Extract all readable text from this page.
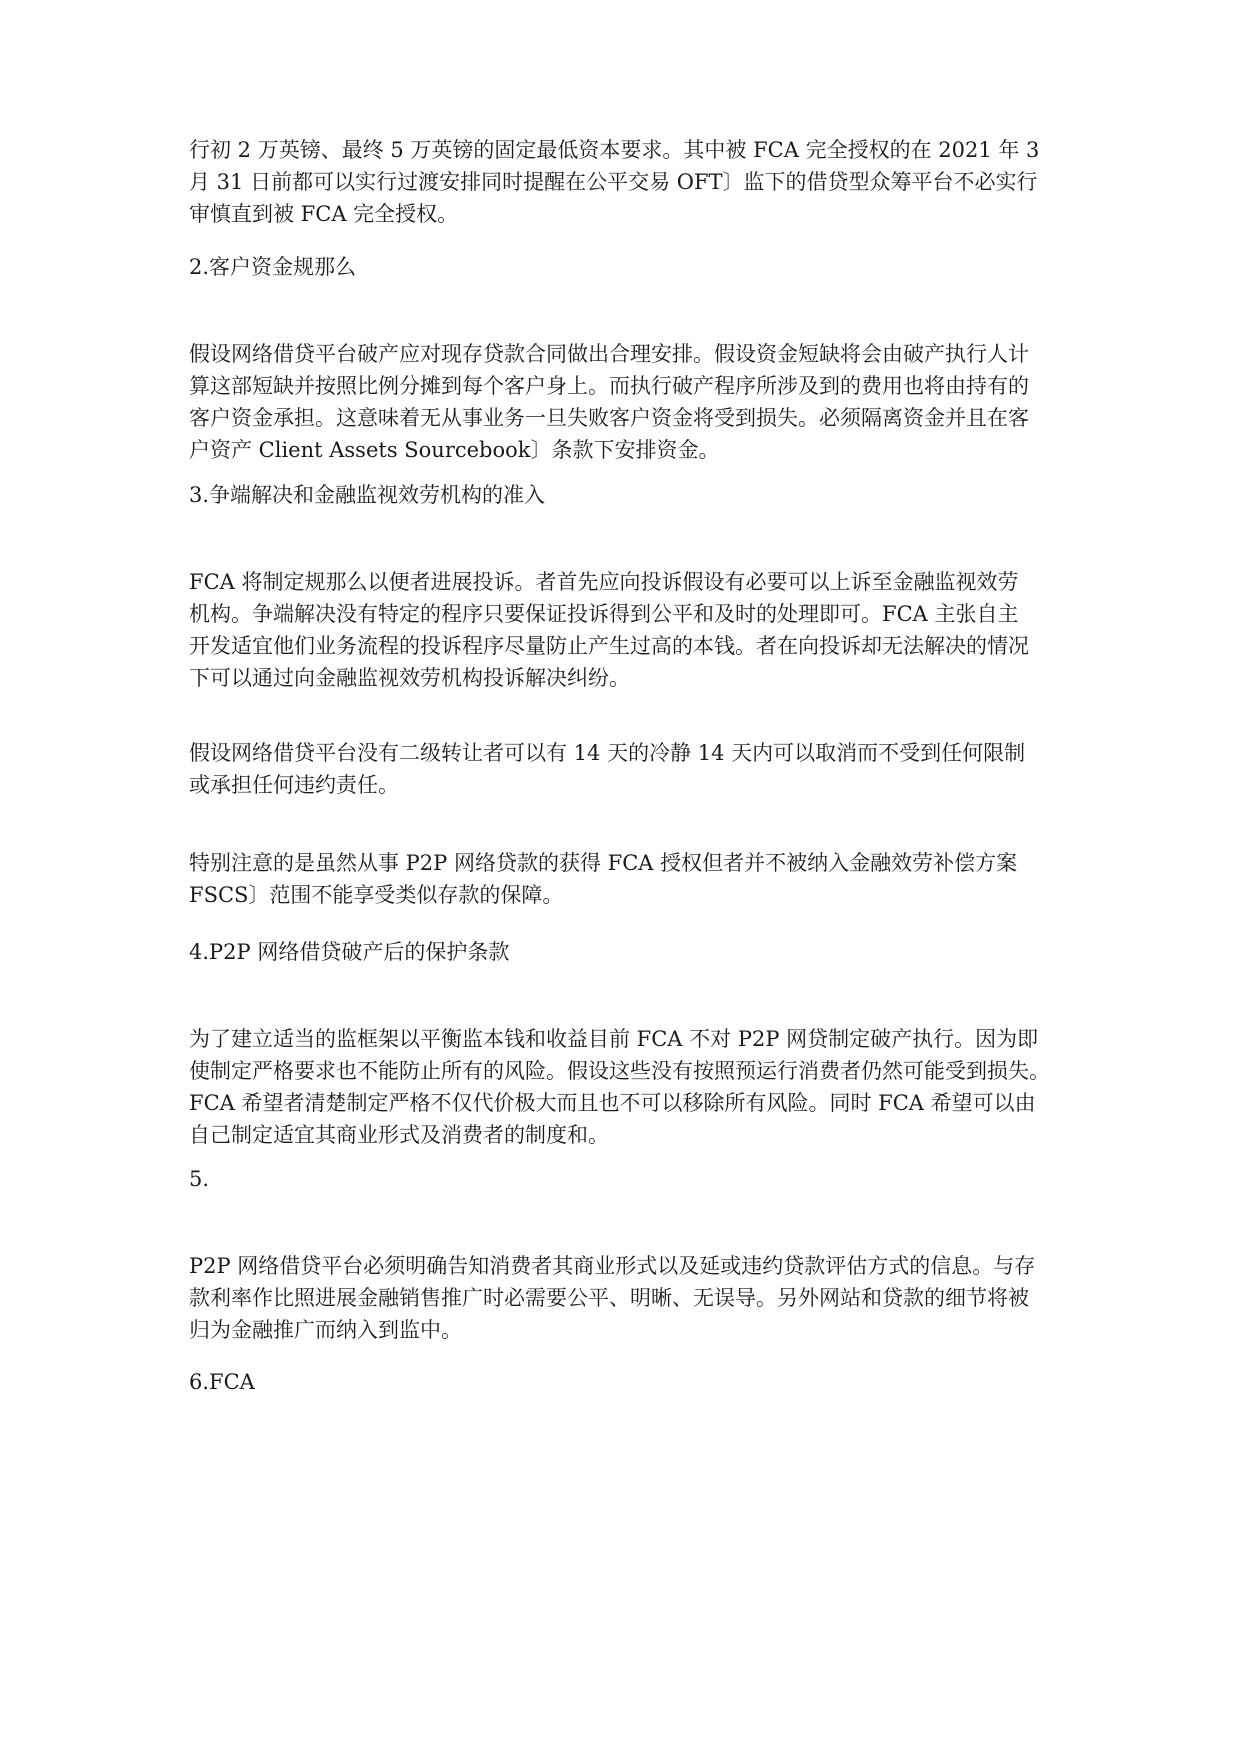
行初 2 万英镑、最终 5 万英镑的固定最低资本要求。其中被 FCA 完全授权的在 2021 年 3
月 31 日前都可以实行过渡安排同时提醒在公平交易 OFT〕监下的借贷型众筹平台不必实行
审慎直到被 FCA 完全授权。
2.客户资金规那么
假设网络借贷平台破产应对现存贷款合同做出合理安排。假设资金短缺将会由破产执行人计
算这部短缺并按照比例分摊到每个客户身上。而执行破产程序所涉及到的费用也将由持有的
客户资金承担。这意味着无从事业务一旦失败客户资金将受到损失。必须隔离资金并且在客
户资产 Client Assets Sourcebook〕条款下安排资金。
3.争端解决和金融监视效劳机构的准入
FCA 将制定规那么以便者进展投诉。者首先应向投诉假设有必要可以上诉至金融监视效劳
机构。争端解决没有特定的程序只要保证投诉得到公平和及时的处理即可。FCA 主张自主
开发适宜他们业务流程的投诉程序尽量防止产生过高的本钱。者在向投诉却无法解决的情况
下可以通过向金融监视效劳机构投诉解决纠纷。
假设网络借贷平台没有二级转让者可以有 14 天的冷静 14 天内可以取消而不受到任何限制
或承担任何违约责任。
特别注意的是虽然从事 P2P 网络贷款的获得 FCA 授权但者并不被纳入金融效劳补偿方案
FSCS〕范围不能享受类似存款的保障。
4.P2P 网络借贷破产后的保护条款
为了建立适当的监框架以平衡监本钱和收益目前 FCA 不对 P2P 网贷制定破产执行。因为即
使制定严格要求也不能防止所有的风险。假设这些没有按照预运行消费者仍然可能受到损失。
FCA 希望者清楚制定严格不仅代价极大而且也不可以移除所有风险。同时 FCA 希望可以由
自己制定适宜其商业形式及消费者的制度和。
5.
P2P 网络借贷平台必须明确告知消费者其商业形式以及延或违约贷款评估方式的信息。与存
款利率作比照进展金融销售推广时必需要公平、明晰、无误导。另外网站和贷款的细节将被
归为金融推广而纳入到监中。
6.FCA
